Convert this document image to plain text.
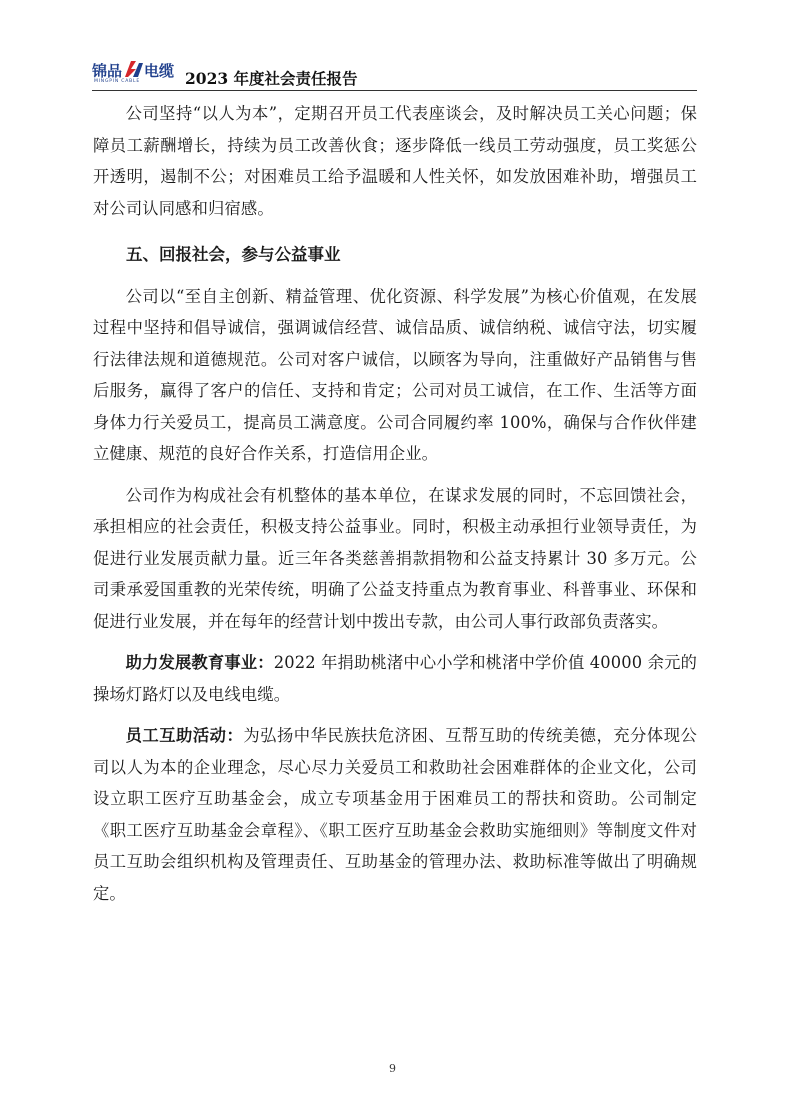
锦品 电缆
MINGPIN CABLE	2023 年度社会责任报告

公司坚持“以人为本”，定期召开员工代表座谈会，及时解决员工关心问题；保障员工薪酬增长，持续为员工改善伙食；逐步降低一线员工劳动强度，员工奖惩公开透明，遏制不公；对困难员工给予温暖和人性关怀，如发放困难补助，增强员工对公司认同感和归宿感。

五、回报社会，参与公益事业

公司以“至自主创新、精益管理、优化资源、科学发展”为核心价值观，在发展过程中坚持和倡导诚信，强调诚信经营、诚信品质、诚信纳税、诚信守法，切实履行法律法规和道德规范。公司对客户诚信，以顾客为导向，注重做好产品销售与售后服务，赢得了客户的信任、支持和肯定；公司对员工诚信，在工作、生活等方面身体力行关爱员工，提高员工满意度。公司合同履约率 100%，确保与合作伙伴建立健康、规范的良好合作关系，打造信用企业。

公司作为构成社会有机整体的基本单位，在谋求发展的同时，不忘回馈社会，承担相应的社会责任，积极支持公益事业。同时，积极主动承担行业领导责任，为促进行业发展贡献力量。近三年各类慈善捐款捐物和公益支持累计 30 多万元。公司秉承爱国重教的光荣传统，明确了公益支持重点为教育事业、科普事业、环保和促进行业发展，并在每年的经营计划中拨出专款，由公司人事行政部负责落实。

助力发展教育事业：2022 年捐助桃渚中心小学和桃渚中学价值 40000 余元的操场灯路灯以及电线电缆。

员工互助活动：为弘扬中华民族扶危济困、互帮互助的传统美德，充分体现公司以人为本的企业理念，尽心尽力关爱员工和救助社会困难群体的企业文化，公司设立职工医疗互助基金会，成立专项基金用于困难员工的帮扶和资助。公司制定《职工医疗互助基金会章程》、《职工医疗互助基金会救助实施细则》等制度文件对员工互助会组织机构及管理责任、互助基金的管理办法、救助标准等做出了明确规定。

9
